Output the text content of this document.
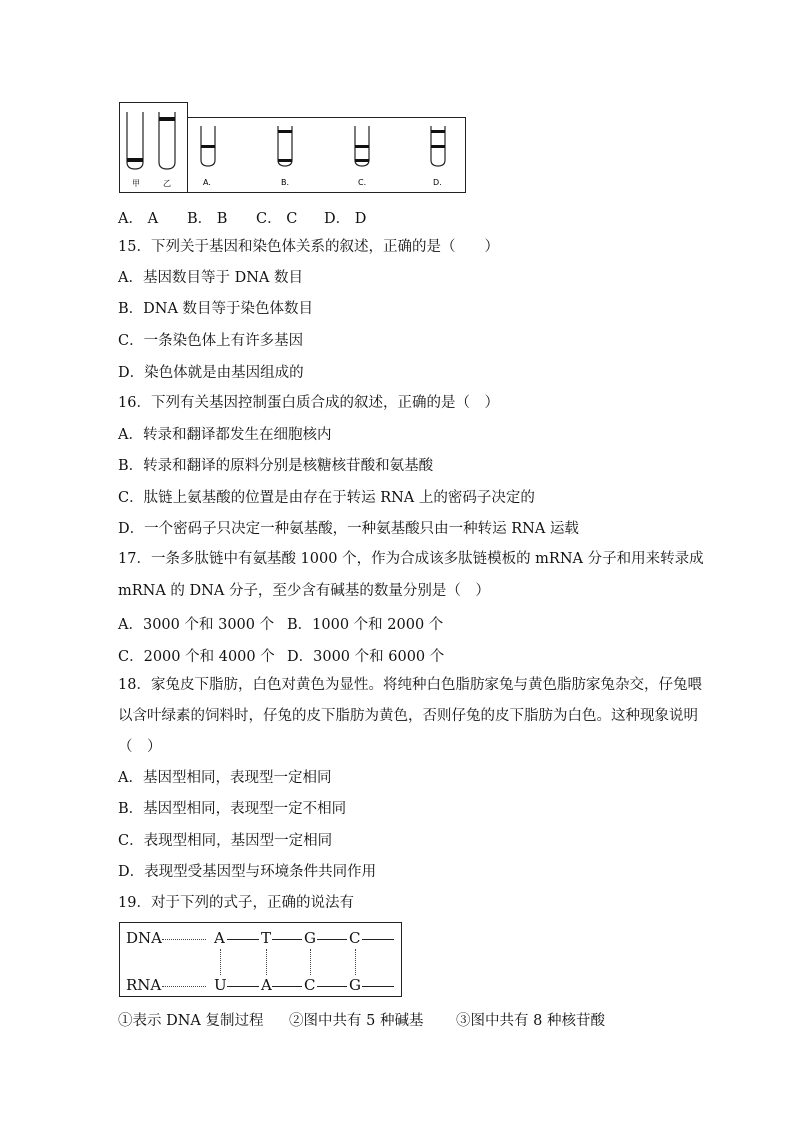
甲	乙	A.	B.	C.	D.
A． A B． B C． C D． D
15．下列关于基因和染色体关系的叙述，正确的是（　　）
A．基因数目等于 DNA 数目
B．DNA 数目等于染色体数目
C．一条染色体上有许多基因
D．染色体就是由基因组成的
16．下列有关基因控制蛋白质合成的叙述，正确的是（　）
A．转录和翻译都发生在细胞核内
B．转录和翻译的原料分别是核糖核苷酸和氨基酸
C．肽链上氨基酸的位置是由存在于转运 RNA 上的密码子决定的
D．一个密码子只决定一种氨基酸，一种氨基酸只由一种转运 RNA 运载
17．一条多肽链中有氨基酸 1000 个，作为合成该多肽链模板的 mRNA 分子和用来转录成
mRNA 的 DNA 分子，至少含有碱基的数量分别是（　）
A．3000 个和 3000 个 B．1000 个和 2000 个
C．2000 个和 4000 个 D．3000 个和 6000 个
18．家兔皮下脂肪，白色对黄色为显性。将纯种白色脂肪家兔与黄色脂肪家兔杂交，仔兔喂
以含叶绿素的饲料时，仔兔的皮下脂肪为黄色，否则仔兔的皮下脂肪为白色。这种现象说明
（　）
A．基因型相同，表现型一定相同
B．基因型相同，表现型一定不相同
C．表现型相同，基因型一定相同
D．表现型受基因型与环境条件共同作用
19．对于下列的式子，正确的说法有
DNA
RNA
A T G C
U A C G
①表示 DNA 复制过程 ②图中共有 5 种碱基 ③图中共有 8 种核苷酸
